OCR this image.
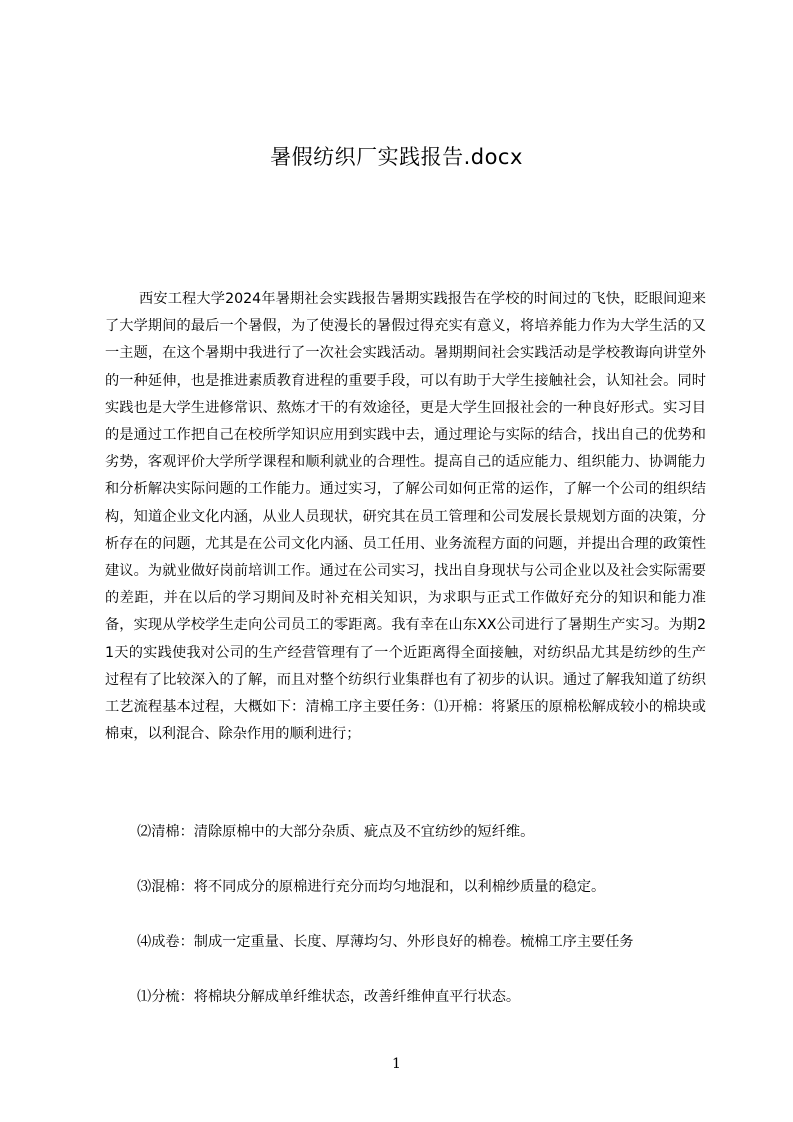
暑假纺织厂实践报告.docx

西安工程大学2024年暑期社会实践报告暑期实践报告在学校的时间过的飞快，眨眼间迎来了大学期间的最后一个暑假，为了使漫长的暑假过得充实有意义，将培养能力作为大学生活的又一主题，在这个暑期中我进行了一次社会实践活动。暑期期间社会实践活动是学校教诲向讲堂外的一种延伸，也是推进素质教育进程的重要手段，可以有助于大学生接触社会，认知社会。同时实践也是大学生进修常识、熬炼才干的有效途径，更是大学生回报社会的一种良好形式。实习目的是通过工作把自己在校所学知识应用到实践中去，通过理论与实际的结合，找出自己的优势和劣势，客观评价大学所学课程和顺利就业的合理性。提高自己的适应能力、组织能力、协调能力和分析解决实际问题的工作能力。通过实习，了解公司如何正常的运作，了解一个公司的组织结构，知道企业文化内涵，从业人员现状，研究其在员工管理和公司发展长景规划方面的决策，分析存在的问题，尤其是在公司文化内涵、员工任用、业务流程方面的问题，并提出合理的政策性建议。为就业做好岗前培训工作。通过在公司实习，找出自身现状与公司企业以及社会实际需要的差距，并在以后的学习期间及时补充相关知识，为求职与正式工作做好充分的知识和能力准备，实现从学校学生走向公司员工的零距离。我有幸在山东XX公司进行了暑期生产实习。为期21天的实践使我对公司的生产经营管理有了一个近距离得全面接触，对纺织品尤其是纺纱的生产过程有了比较深入的了解，而且对整个纺织行业集群也有了初步的认识。通过了解我知道了纺织工艺流程基本过程，大概如下：清棉工序主要任务：⑴开棉：将紧压的原棉松解成较小的棉块或棉束，以利混合、除杂作用的顺利进行；

⑵清棉：清除原棉中的大部分杂质、疵点及不宜纺纱的短纤维。

⑶混棉：将不同成分的原棉进行充分而均匀地混和，以利棉纱质量的稳定。

⑷成卷：制成一定重量、长度、厚薄均匀、外形良好的棉卷。梳棉工序主要任务

⑴分梳：将棉块分解成单纤维状态，改善纤维伸直平行状态。

1
